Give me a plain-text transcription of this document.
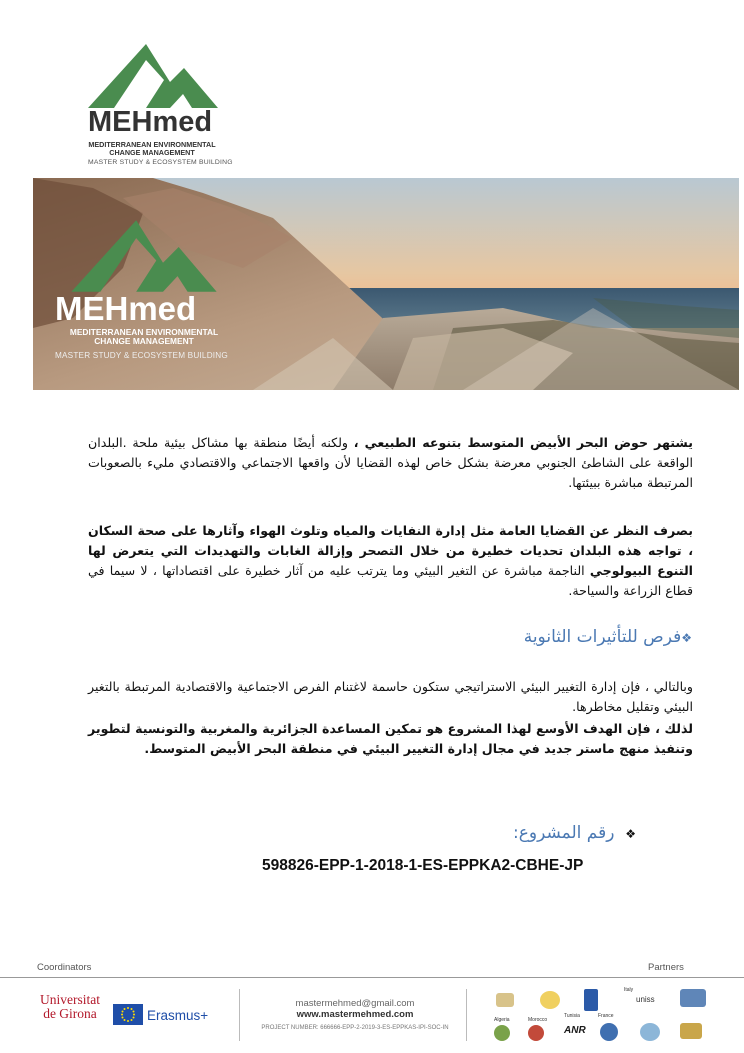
MEHmed
MEDITERRANEAN ENVIRONMENTAL
CHANGE MANAGEMENT
MASTER STUDY & ECOSYSTEM BUILDING
MEHmed
MEDITERRANEAN ENVIRONMENTAL
CHANGE MANAGEMENT
MASTER STUDY & ECOSYSTEM BUILDING
يشتهر حوض البحر الأبيض المتوسط بتنوعه الطبيعي ، ولكنه أيضًا منطقة بها مشاكل بيئية ملحة .البلدان الواقعة على الشاطئ الجنوبي معرضة بشكل خاص لهذه القضايا لأن واقعها الاجتماعي والاقتصادي مليء بالصعوبات المرتبطة مباشرة ببيئتها.
بصرف النظر عن القضايا العامة مثل إدارة النفايات والمياه وتلوث الهواء وآثارها على صحة السكان ، تواجه هذه البلدان تحديات خطيرة من خلال التصحر وإزالة الغابات والتهديدات التي يتعرض لها التنوع البيولوجي الناجمة مباشرة عن التغير البيئي وما يترتب عليه من آثار خطيرة على اقتصاداتها ، لا سيما في قطاع الزراعة والسياحة.
❖فرص للتأثيرات الثانوية
وبالتالي ، فإن إدارة التغيير البيئي الاستراتيجي ستكون حاسمة لاغتنام الفرص الاجتماعية والاقتصادية المرتبطة بالتغير البيئي وتقليل مخاطرها.
لذلك ، فإن الهدف الأوسع لهذا المشروع هو تمكين المساعدة الجزائرية والمغربية والتونسية لتطوير وتنفيذ منهج ماستر جديد في مجال إدارة التغيير البيئي في منطقة البحر الأبيض المتوسط.
❖  رقم المشروع:
598826-EPP-1-2018-1-ES-EPPKA2-CBHE-JP
Coordinators	Partners
Universitat
de Girona	Erasmus+
mastermehmed@gmail.com
www.mastermehmed.com
PROJECT NUMBER: 666666-EPP-2-2019-3-ES-EPPKAS-IPI-SOC-IN
Italy
uniss
Algeria	Morocco
Tunisia	France
ANR
